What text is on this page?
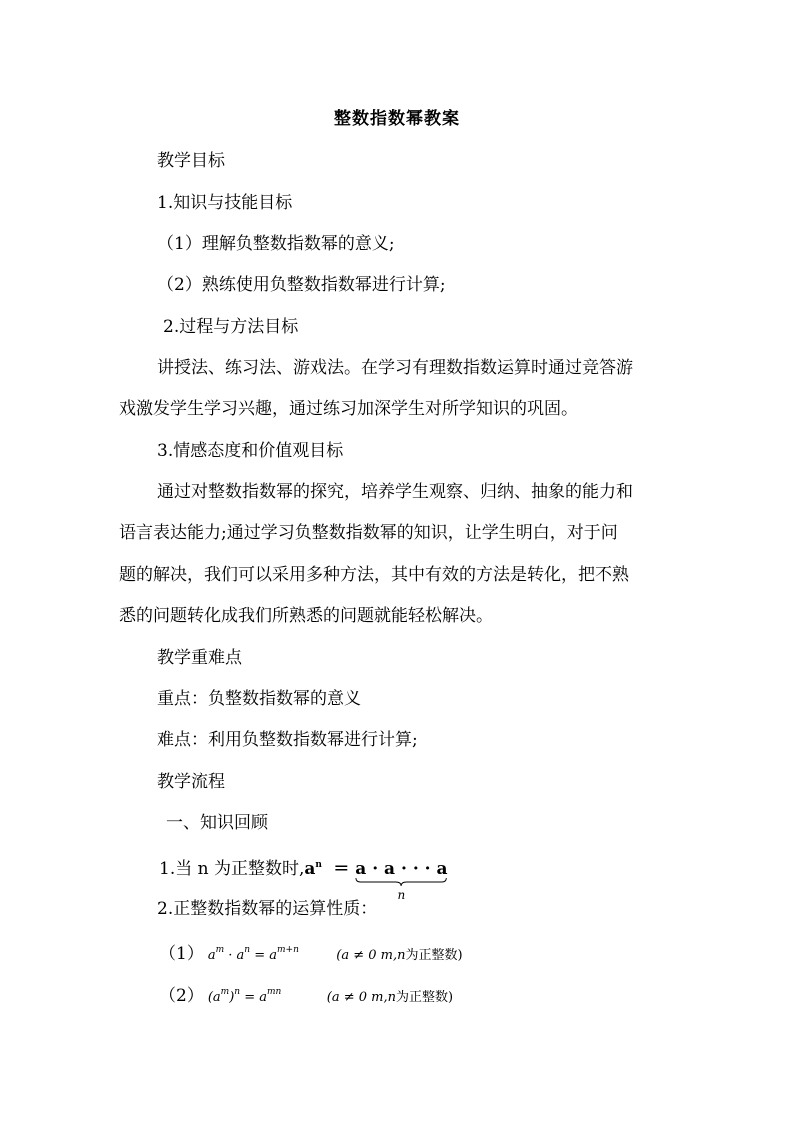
整数指数幂教案
教学目标
1.知识与技能目标
（1）理解负整数指数幂的意义;
（2）熟练使用负整数指数幂进行计算;
2.过程与方法目标
讲授法、练习法、游戏法。在学习有理数指数运算时通过竞答游
戏激发学生学习兴趣，通过练习加深学生对所学知识的巩固。
3.情感态度和价值观目标
通过对整数指数幂的探究，培养学生观察、归纳、抽象的能力和
语言表达能力;通过学习负整数指数幂的知识，让学生明白，对于问
题的解决，我们可以采用多种方法，其中有效的方法是转化，把不熟
悉的问题转化成我们所熟悉的问题就能轻松解决。
教学重难点
重点：负整数指数幂的意义
难点：利用负整数指数幂进行计算;
教学流程
一、知识回顾
1.当 n 为正整数时$,a^n = a \cdot a$ · · · a
n
2.正整数指数幂的运算性质：
（1） $a^m \cdot a^n = a^{m+n}$	(a ≠ 0 m,n为正整数)
（2） $(a^m)^n = a^{mn}$	(a ≠ 0 m,n为正整数)
